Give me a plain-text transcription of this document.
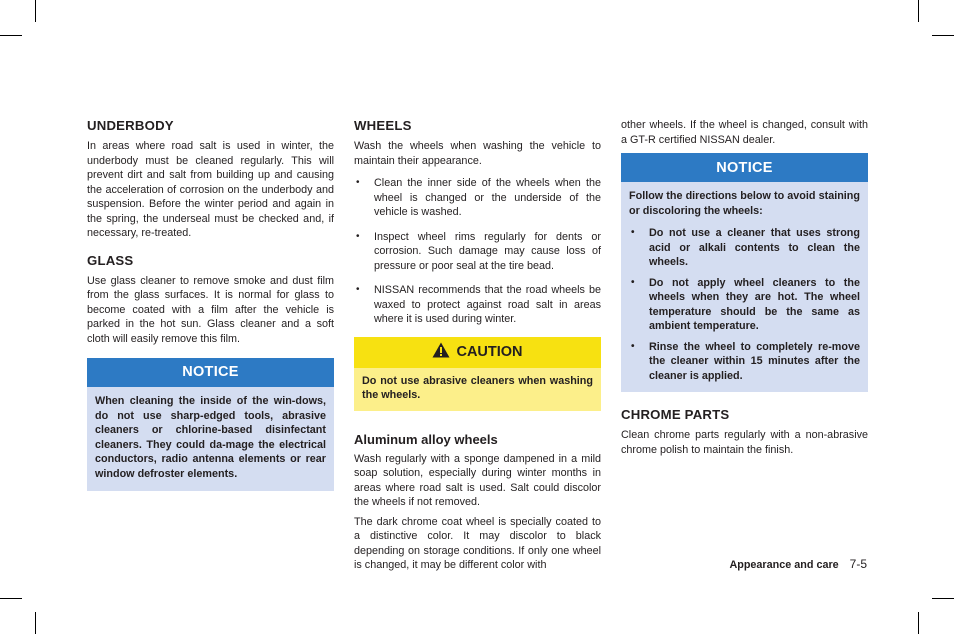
UNDERBODY

In areas where road salt is used in winter, the underbody must be cleaned regularly. This will prevent dirt and salt from building up and causing the acceleration of corrosion on the underbody and suspension. Before the winter period and again in the spring, the underseal must be checked and, if necessary, re-treated.

GLASS

Use glass cleaner to remove smoke and dust film from the glass surfaces. It is normal for glass to become coated with a film after the vehicle is parked in the hot sun. Glass cleaner and a soft cloth will easily remove this film.

NOTICE
When cleaning the inside of the win-dows, do not use sharp-edged tools, abrasive cleaners or chlorine-based disinfectant cleaners. They could da-mage the electrical conductors, radio antenna elements or rear window defroster elements.
WHEELS

Wash the wheels when washing the vehicle to maintain their appearance.

• Clean the inner side of the wheels when the wheel is changed or the underside of the vehicle is washed.
• Inspect wheel rims regularly for dents or corrosion. Such damage may cause loss of pressure or poor seal at the tire bead.
• NISSAN recommends that the road wheels be waxed to protect against road salt in areas where it is used during winter.
CAUTION
Do not use abrasive cleaners when washing the wheels.
Aluminum alloy wheels

Wash regularly with a sponge dampened in a mild soap solution, especially during winter months in areas where road salt is used. Salt could discolor the wheels if not removed.

The dark chrome coat wheel is specially coated to a distinctive color. It may discolor to black depending on storage conditions. If only one wheel is changed, it may be different color with

other wheels. If the wheel is changed, consult with a GT-R certified NISSAN dealer.

NOTICE

Follow the directions below to avoid staining or discoloring the wheels:

• Do not use a cleaner that uses strong acid or alkali contents to clean the wheels.
• Do not apply wheel cleaners to the wheels when they are hot. The wheel temperature should be the same as ambient temperature.
• Rinse the wheel to completely re-move the cleaner within 15 minutes after the cleaner is applied.
CHROME PARTS

Clean chrome parts regularly with a non-abrasive chrome polish to maintain the finish.

Appearance and care 7-5
